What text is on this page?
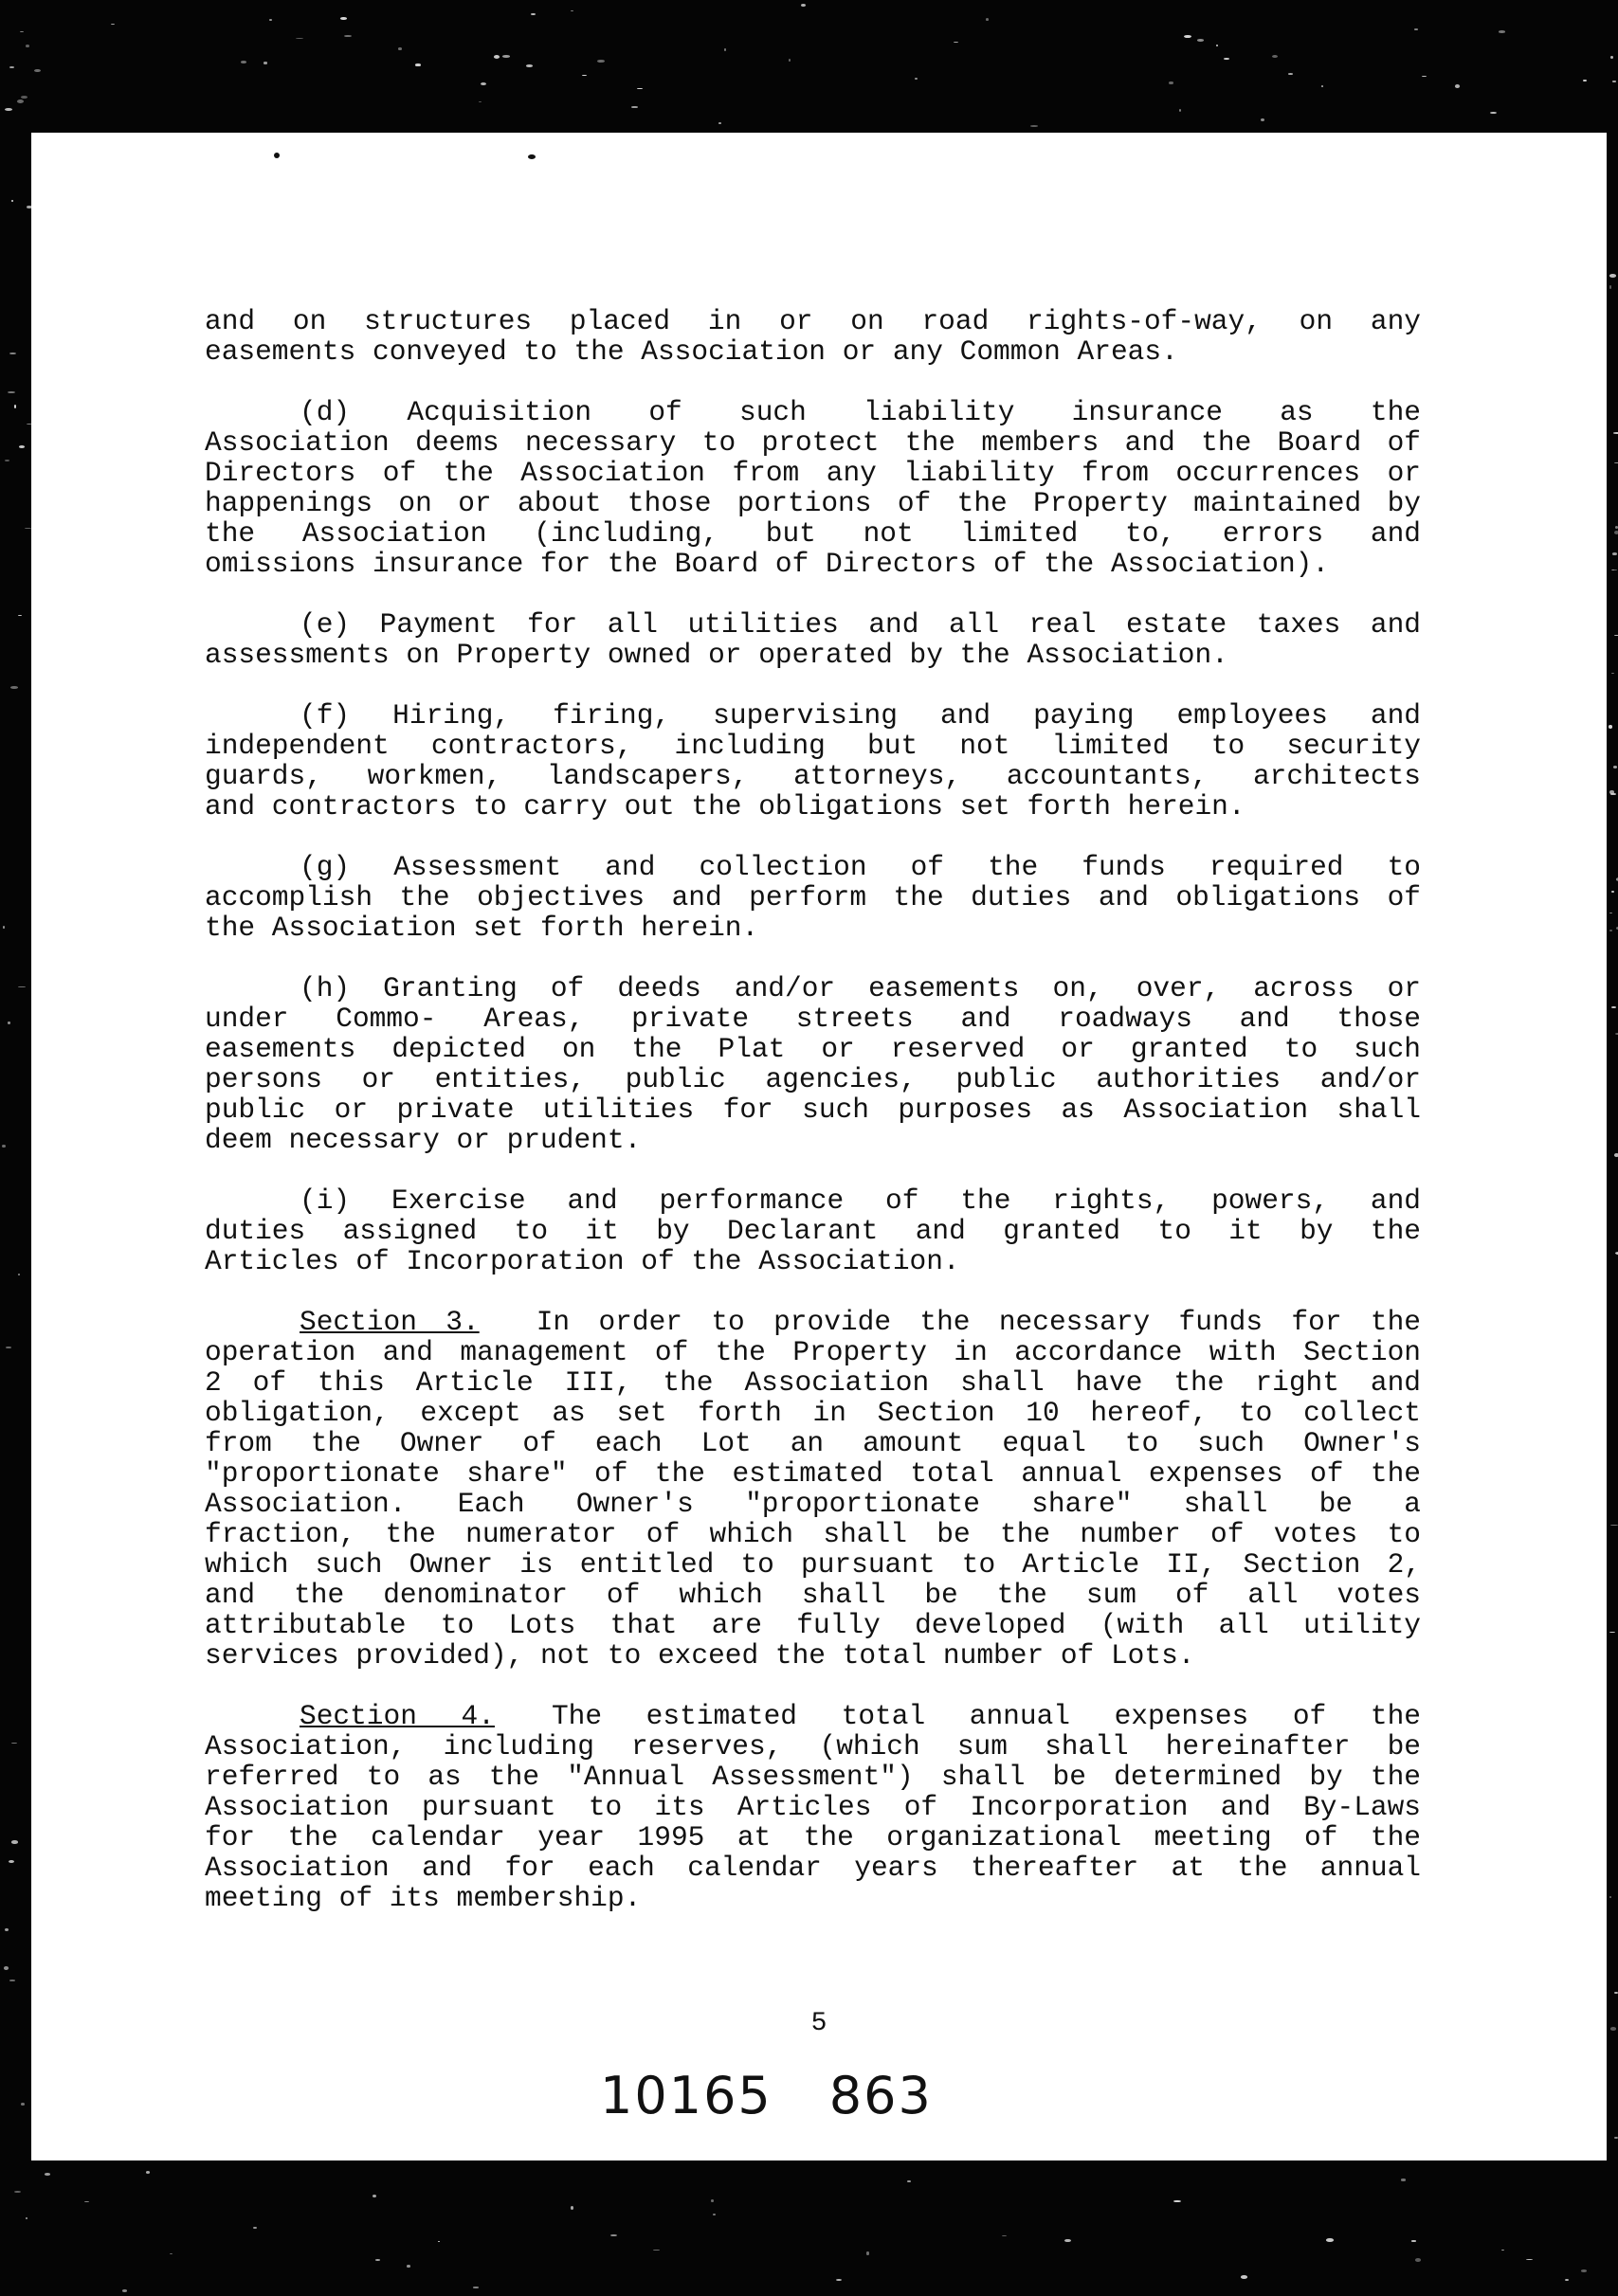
and on structures placed in or on road rights-of-way, on any
easements conveyed to the Association or any Common Areas.
(d) Acquisition of such liability insurance as the
Association deems necessary to protect the members and the Board of
Directors of the Association from any liability from occurrences or
happenings on or about those portions of the Property maintained by
the Association (including, but not limited to, errors and
omissions insurance for the Board of Directors of the Association).
(e) Payment for all utilities and all real estate taxes and
assessments on Property owned or operated by the Association.
(f) Hiring, firing, supervising and paying employees and
independent contractors, including but not limited to security
guards, workmen, landscapers, attorneys, accountants, architects
and contractors to carry out the obligations set forth herein.
(g) Assessment and collection of the funds required to
accomplish the objectives and perform the duties and obligations of
the Association set forth herein.
(h) Granting of deeds and/or easements on, over, across or
under Commo- Areas, private streets and roadways and those
easements depicted on the Plat or reserved or granted to such
persons or entities, public agencies, public authorities and/or
public or private utilities for such purposes as Association shall
deem necessary or prudent.
(i) Exercise and performance of the rights, powers, and
duties assigned to it by Declarant and granted to it by the
Articles of Incorporation of the Association.
Section 3. In order to provide the necessary funds for the
operation and management of the Property in accordance with Section
2 of this Article III, the Association shall have the right and
obligation, except as set forth in Section 10 hereof, to collect
from the Owner of each Lot an amount equal to such Owner's
"proportionate share" of the estimated total annual expenses of the
Association. Each Owner's "proportionate share" shall be a
fraction, the numerator of which shall be the number of votes to
which such Owner is entitled to pursuant to Article II, Section 2,
and the denominator of which shall be the sum of all votes
attributable to Lots that are fully developed (with all utility
services provided), not to exceed the total number of Lots.
Section 4. The estimated total annual expenses of the
Association, including reserves, (which sum shall hereinafter be
referred to as the "Annual Assessment") shall be determined by the
Association pursuant to its Articles of Incorporation and By-Laws
for the calendar year 1995 at the organizational meeting of the
Association and for each calendar years thereafter at the annual
meeting of its membership.
5
10165 863
